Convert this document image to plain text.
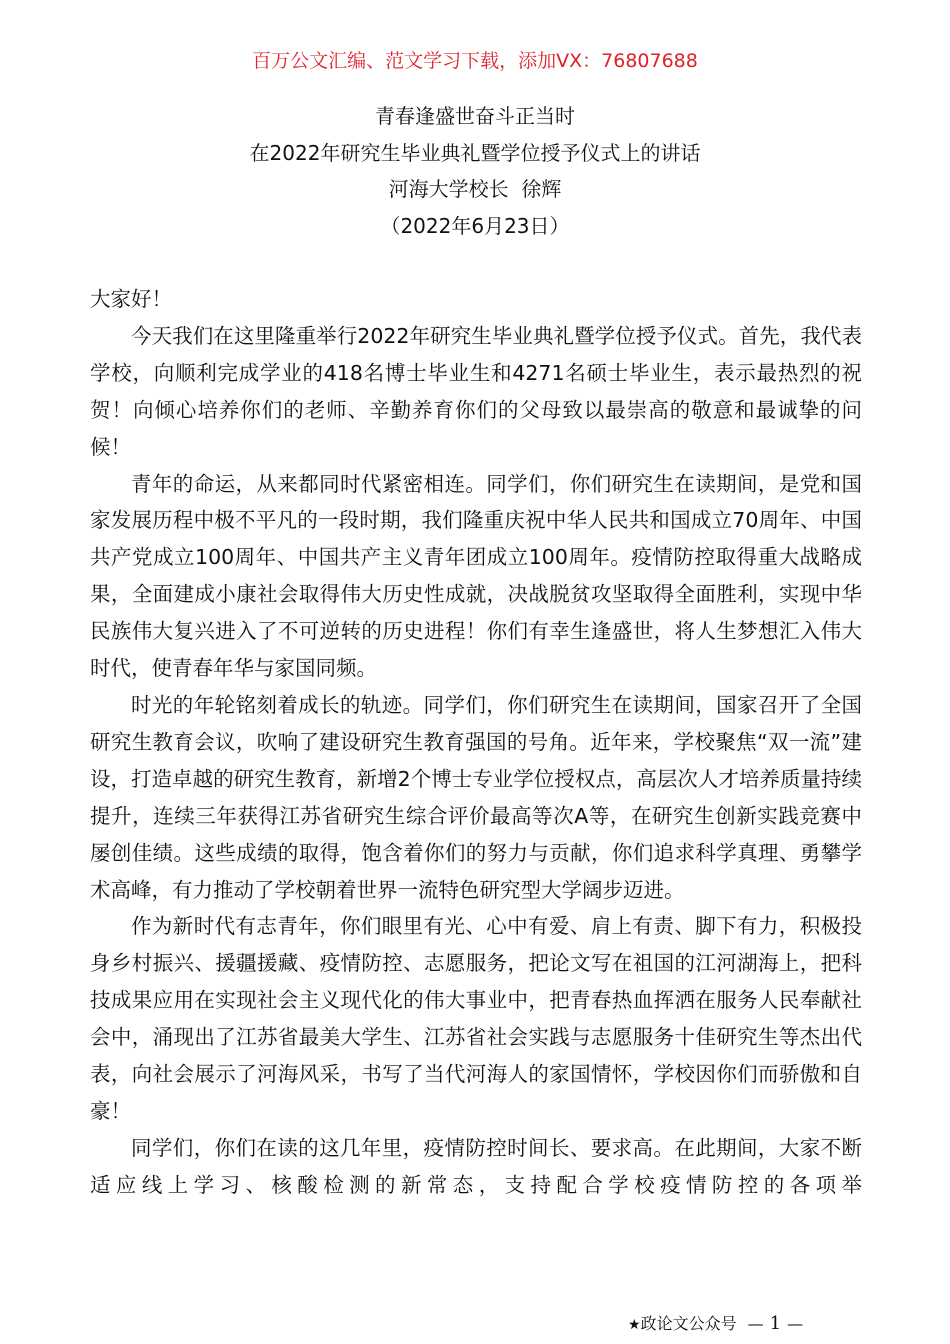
百万公文汇编、范文学习下载，添加VX：76807688
青春逢盛世奋斗正当时
在2022年研究生毕业典礼暨学位授予仪式上的讲话
河海大学校长  徐辉
（2022年6月23日）

大家好！

今天我们在这里隆重举行2022年研究生毕业典礼暨学位授予仪式。首先，我代表学校，向顺利完成学业的418名博士毕业生和4271名硕士毕业生，表示最热烈的祝贺！向倾心培养你们的老师、辛勤养育你们的父母致以最崇高的敬意和最诚挚的问候！

青年的命运，从来都同时代紧密相连。同学们，你们研究生在读期间，是党和国家发展历程中极不平凡的一段时期，我们隆重庆祝中华人民共和国成立70周年、中国共产党成立100周年、中国共产主义青年团成立100周年。疫情防控取得重大战略成果，全面建成小康社会取得伟大历史性成就，决战脱贫攻坚取得全面胜利，实现中华民族伟大复兴进入了不可逆转的历史进程！你们有幸生逢盛世，将人生梦想汇入伟大时代，使青春年华与家国同频。

时光的年轮铭刻着成长的轨迹。同学们，你们研究生在读期间，国家召开了全国研究生教育会议，吹响了建设研究生教育强国的号角。近年来，学校聚焦“双一流”建设，打造卓越的研究生教育，新增2个博士专业学位授权点，高层次人才培养质量持续提升，连续三年获得江苏省研究生综合评价最高等次A等，在研究生创新实践竞赛中屡创佳绩。这些成绩的取得，饱含着你们的努力与贡献，你们追求科学真理、勇攀学术高峰，有力推动了学校朝着世界一流特色研究型大学阔步迈进。

作为新时代有志青年，你们眼里有光、心中有爱、肩上有责、脚下有力，积极投身乡村振兴、援疆援藏、疫情防控、志愿服务，把论文写在祖国的江河湖海上，把科技成果应用在实现社会主义现代化的伟大事业中，把青春热血挥洒在服务人民奉献社会中，涌现出了江苏省最美大学生、江苏省社会实践与志愿服务十佳研究生等杰出代表，向社会展示了河海风采，书写了当代河海人的家国情怀，学校因你们而骄傲和自豪！

同学们，你们在读的这几年里，疫情防控时间长、要求高。在此期间，大家不断适应线上学习、核酸检测的新常态，支持配合学校疫情防控的各项举

★政论文公众号 — 1 —
